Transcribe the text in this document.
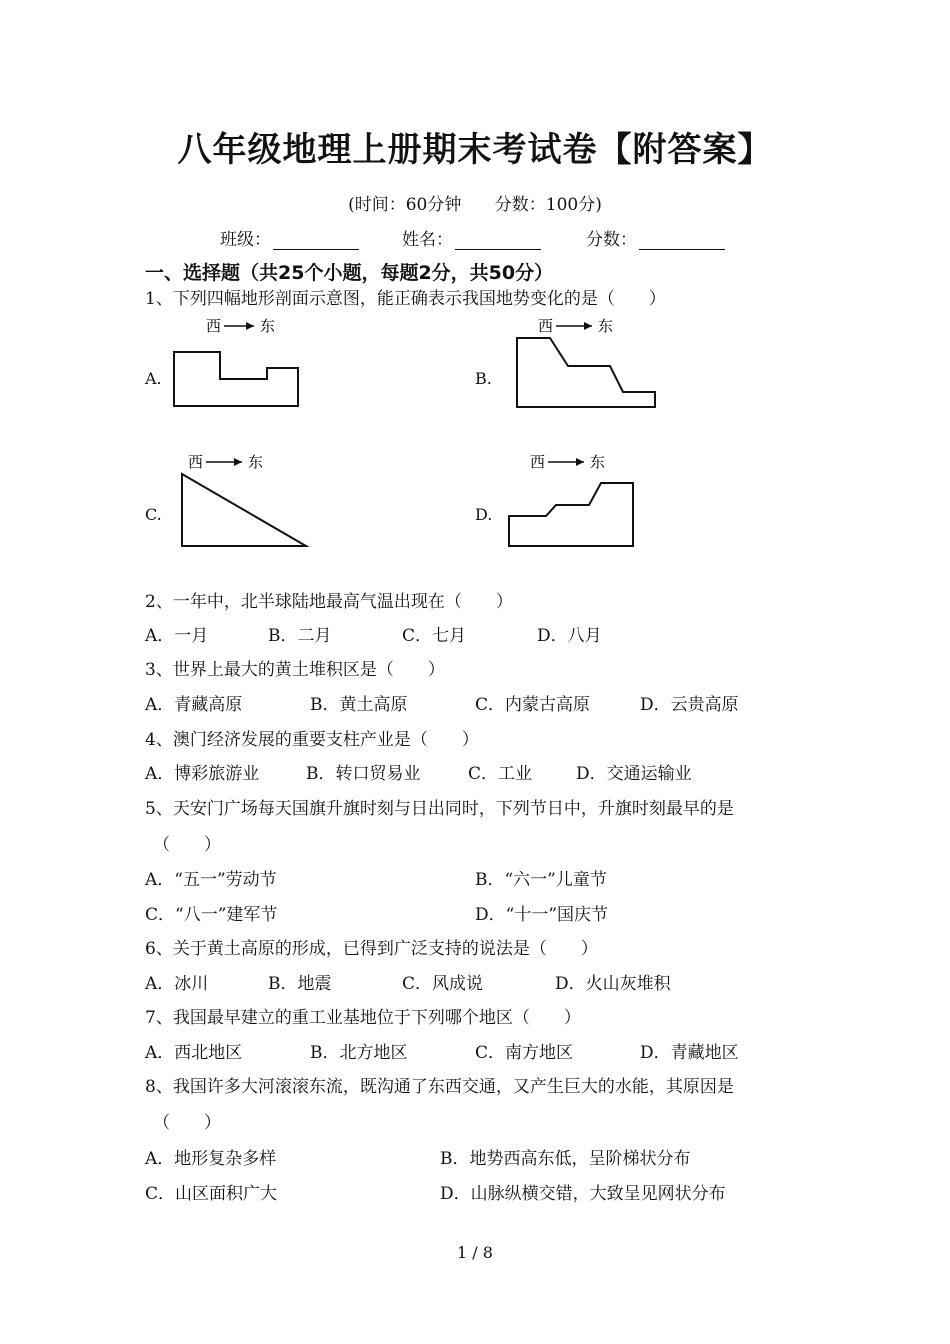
八年级地理上册期末考试卷【附答案】
(时间：60分钟 分数：100分)
班级：	姓名：	分数：
一、选择题（共25个小题，每题2分，共50分）
1、下列四幅地形剖面示意图，能正确表示我国地势变化的是（　　）
A.	B.
C.	D.
西	东	西	东
西	东	西	东
2、一年中，北半球陆地最高气温出现在（　　）
A．一月	B．二月	C．七月	D．八月
3、世界上最大的黄土堆积区是（　　）
A．青藏高原	B．黄土高原	C．内蒙古高原	D．云贵高原
4、澳门经济发展的重要支柱产业是（　　）
A．博彩旅游业	B．转口贸易业	C．工业	D．交通运输业
5、天安门广场每天国旗升旗时刻与日出同时，下列节日中，升旗时刻最早的是
（　　）
A．“五一”劳动节	B．“六一”儿童节
C．“八一”建军节	D．“十一”国庆节
6、关于黄土高原的形成，已得到广泛支持的说法是（　　）
A．冰川	B．地震	C．风成说	D．火山灰堆积
7、我国最早建立的重工业基地位于下列哪个地区（　　）
A．西北地区	B．北方地区	C．南方地区	D．青藏地区
8、我国许多大河滚滚东流，既沟通了东西交通，又产生巨大的水能，其原因是
（　　）
A．地形复杂多样	B．地势西高东低，呈阶梯状分布
C．山区面积广大	D．山脉纵横交错，大致呈见网状分布
1 / 8
